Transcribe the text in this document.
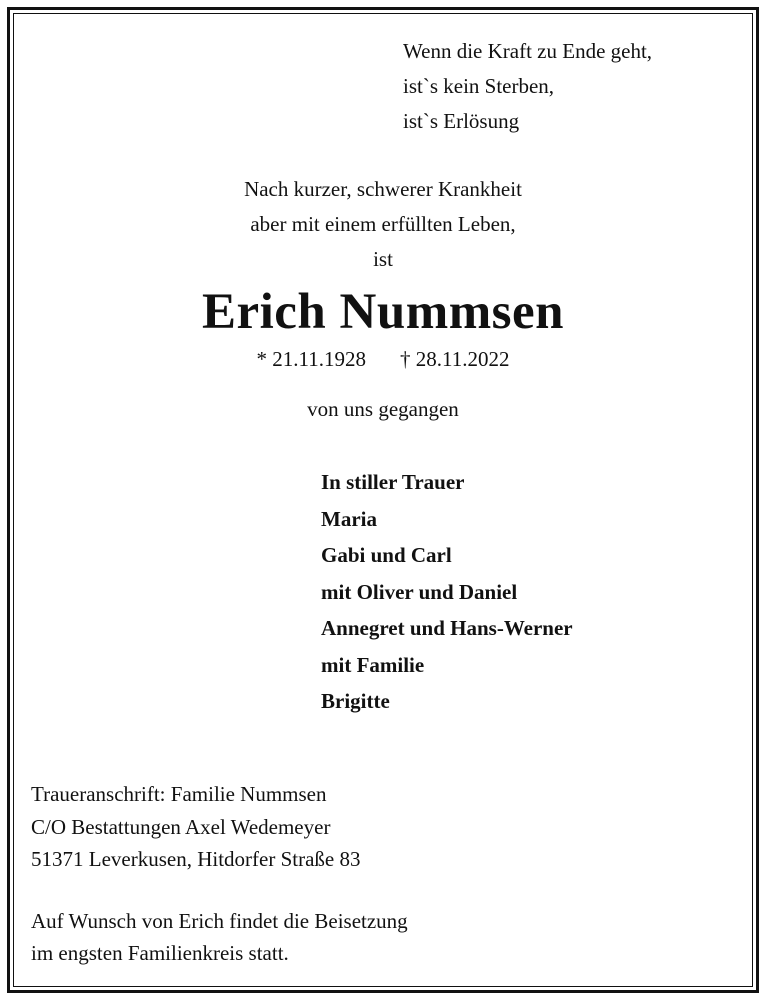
Wenn die Kraft zu Ende geht,
ist`s kein Sterben,
ist`s Erlösung
Nach kurzer, schwerer Krankheit
aber mit einem erfüllten Leben,
ist
Erich Nummsen
* 21.11.1928 † 28.11.2022
von uns gegangen
In stiller Trauer
Maria
Gabi und Carl
mit Oliver und Daniel
Annegret und Hans-Werner
mit Familie
Brigitte
Traueranschrift: Familie Nummsen
C/O Bestattungen Axel Wedemeyer
51371 Leverkusen, Hitdorfer Straße 83
Auf Wunsch von Erich findet die Beisetzung
im engsten Familienkreis statt.
